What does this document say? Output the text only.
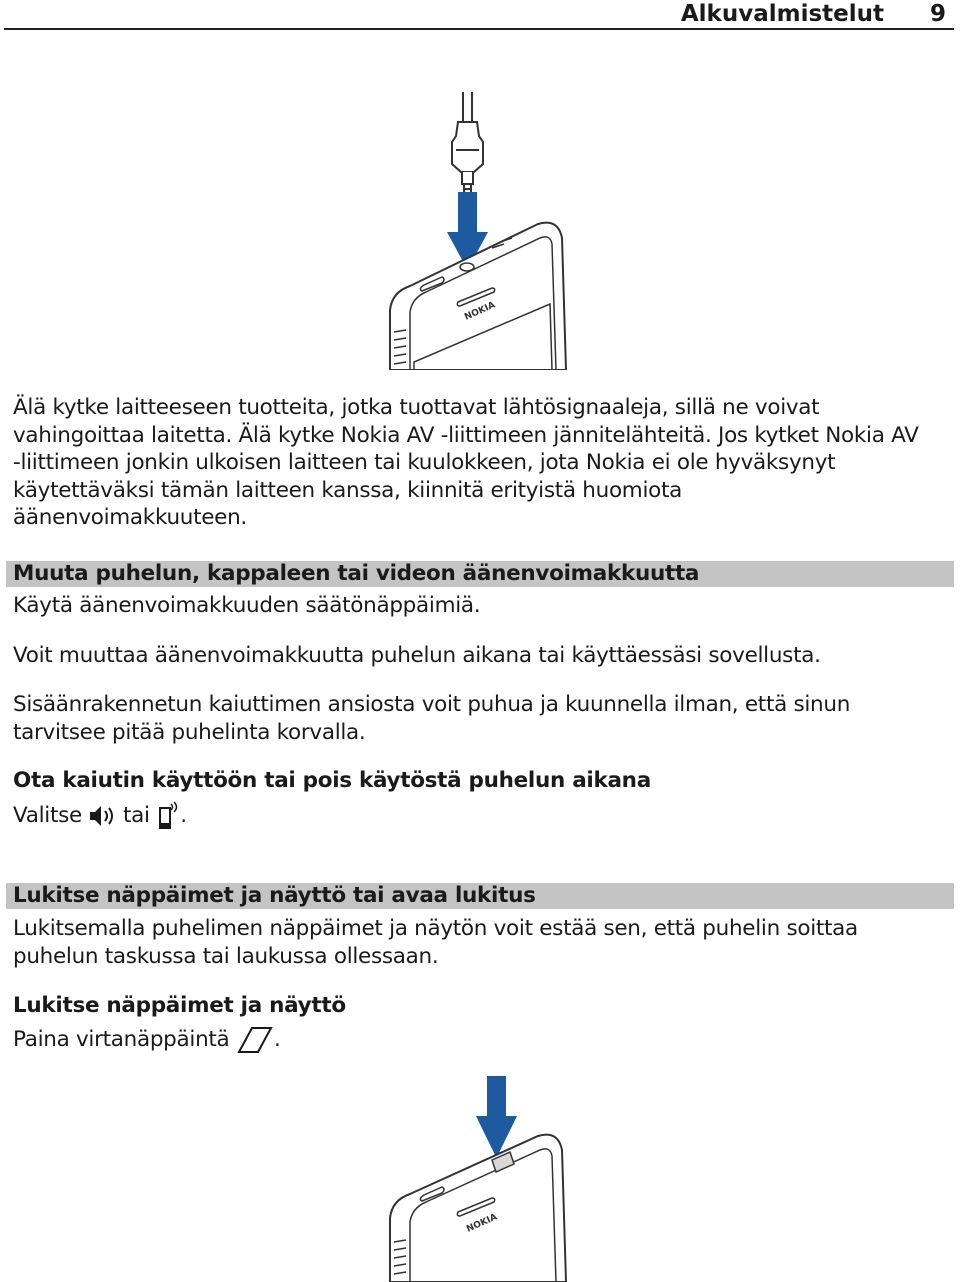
Alkuvalmistelut 9
NOKIA

Älä kytke laitteeseen tuotteita, jotka tuottavat lähtösignaaleja, sillä ne voivat vahingoittaa laitetta. Älä kytke Nokia AV -liittimeen jännitelähteitä. Jos kytket Nokia AV -liittimeen jonkin ulkoisen laitteen tai kuulokkeen, jota Nokia ei ole hyväksynyt käytettäväksi tämän laitteen kanssa, kiinnitä erityistä huomiota äänenvoimakkuuteen.

Muuta puhelun, kappaleen tai videon äänenvoimakkuutta

Käytä äänenvoimakkuuden säätönäppäimiä.

Voit muuttaa äänenvoimakkuutta puhelun aikana tai käyttäessäsi sovellusta.

Sisäänrakennetun kaiuttimen ansiosta voit puhua ja kuunnella ilman, että sinun tarvitsee pitää puhelinta korvalla.

Ota kaiutin käyttöön tai pois käytöstä puhelun aikana

Valitse tai .

Lukitse näppäimet ja näyttö tai avaa lukitus

Lukitsemalla puhelimen näppäimet ja näytön voit estää sen, että puhelin soittaa puhelun taskussa tai laukussa ollessaan.

Lukitse näppäimet ja näyttö

Paina virtanäppäintä .

NOKIA
